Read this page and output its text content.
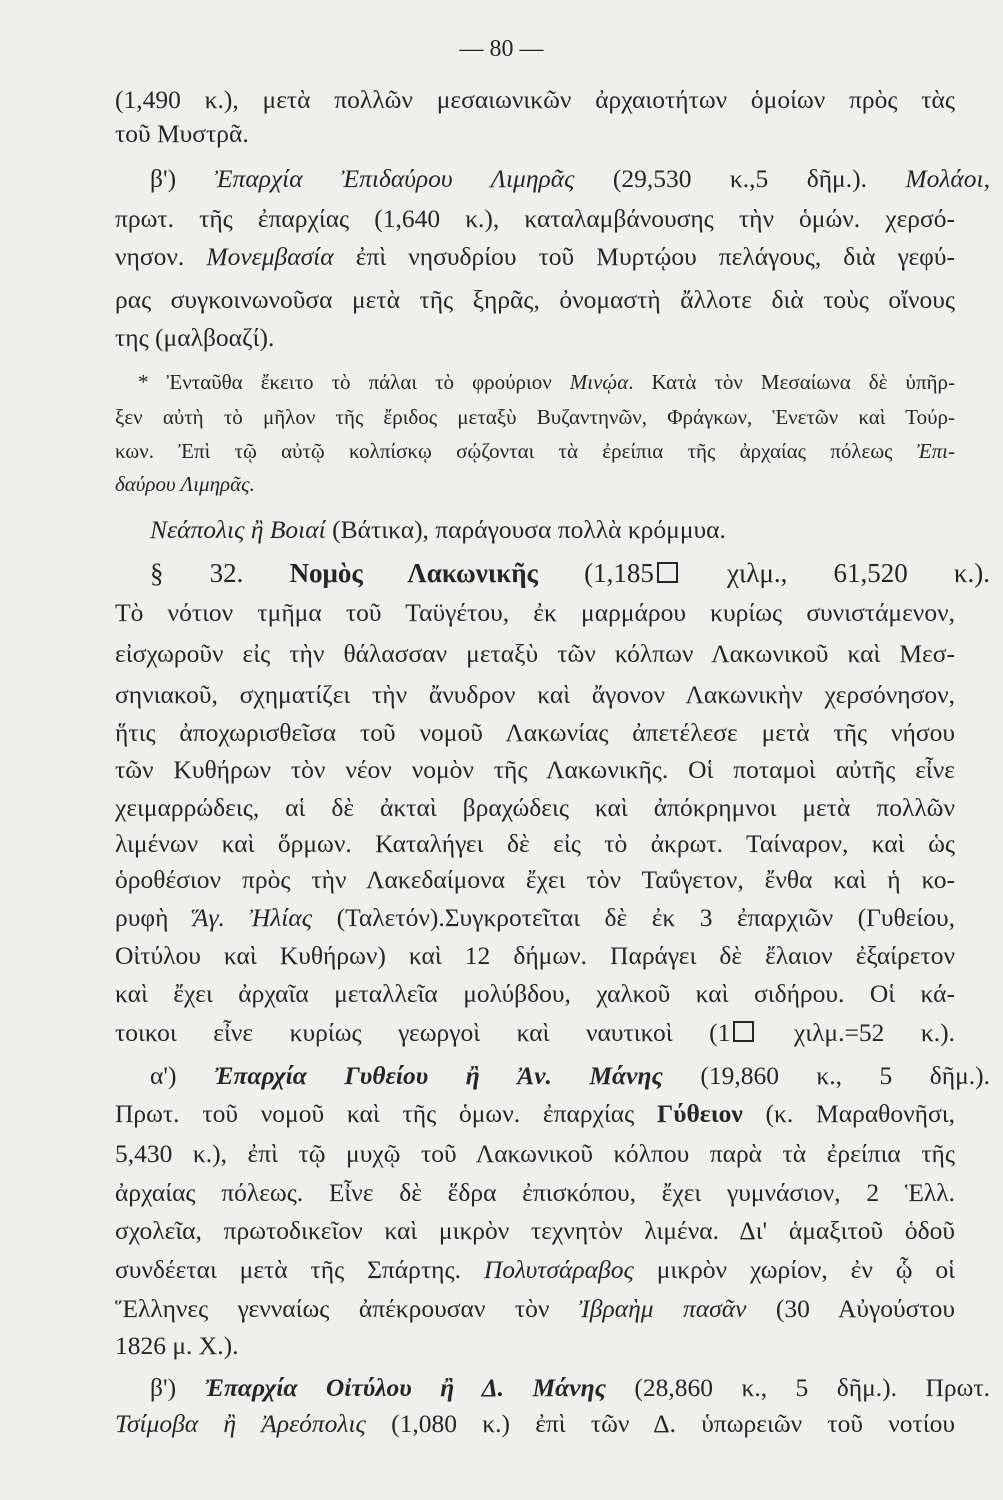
— 80 —
(1,490 κ.), μετὰ πολλῶν μεσαιωνικῶν ἀρχαιοτήτων ὁμοίων πρὸς τὰς
τοῦ Μυστρᾶ.
β') Ἐπαρχία Ἐπιδαύρου Λιμηρᾶς (29,530 κ.,5 δῆμ.). Μολάοι,
πρωτ. τῆς ἐπαρχίας (1,640 κ.), καταλαμβάνουσης τὴν ὁμών. χερσό-
νησον. Μονεμβασία ἐπὶ νησυδρίου τοῦ Μυρτῴου πελάγους, διὰ γεφύ-
ρας συγκοινωνοῦσα μετὰ τῆς ξηρᾶς, ὀνομαστὴ ἄλλοτε διὰ τοὺς οἴνους
της (μαλβοαζί).
* Ἐνταῦθα ἔκειτο τὸ πάλαι τὸ φρούριον Μινῴα. Κατὰ τὸν Μεσαίωνα δὲ ὑπῆρ-
ξεν αὐτὴ τὸ μῆλον τῆς ἔριδος μεταξὺ Βυζαντηνῶν, Φράγκων, Ἑνετῶν καὶ Τούρ-
κων. Ἐπὶ τῷ αὐτῷ κολπίσκῳ σῴζονται τὰ ἐρείπια τῆς ἀρχαίας πόλεως Ἐπι-
δαύρου Λιμηρᾶς.
Νεάπολις ἢ Βοιαί (Βάτικα), παράγουσα πολλὰ κρόμμυα.
§ 32. Νομὸς Λακωνικῆς (1,185 χιλμ., 61,520 κ.).
Τὸ νότιον τμῆμα τοῦ Ταϋγέτου, ἐκ μαρμάρου κυρίως συνιστάμενον,
εἰσχωροῦν εἰς τὴν θάλασσαν μεταξὺ τῶν κόλπων Λακωνικοῦ καὶ Μεσ-
σηνιακοῦ, σχηματίζει τὴν ἄνυδρον καὶ ἄγονον Λακωνικὴν χερσόνησον,
ἥτις ἀποχωρισθεῖσα τοῦ νομοῦ Λακωνίας ἀπετέλεσε μετὰ τῆς νήσου
τῶν Κυθήρων τὸν νέον νομὸν τῆς Λακωνικῆς. Οἱ ποταμοὶ αὐτῆς εἶνε
χειμαρρώδεις, αἱ δὲ ἀκταὶ βραχώδεις καὶ ἀπόκρημνοι μετὰ πολλῶν
λιμένων καὶ ὅρμων. Καταλήγει δὲ εἰς τὸ ἀκρωτ. Ταίναρον, καὶ ὡς
ὁροθέσιον πρὸς τὴν Λακεδαίμονα ἔχει τὸν Ταΰγετον, ἔνθα καὶ ἡ κο-
ρυφὴ Ἅγ. Ἠλίας (Ταλετόν).Συγκροτεῖται δὲ ἐκ 3 ἐπαρχιῶν (Γυθείου,
Οἰτύλου καὶ Κυθήρων) καὶ 12 δήμων. Παράγει δὲ ἔλαιον ἐξαίρετον
καὶ ἔχει ἀρχαῖα μεταλλεῖα μολύβδου, χαλκοῦ καὶ σιδήρου. Οἱ κά-
τοικοι εἶνε κυρίως γεωργοὶ καὶ ναυτικοὶ (1 χιλμ.=52 κ.).
α') Ἐπαρχία Γυθείου ἢ Ἀν. Μάνης (19,860 κ., 5 δῆμ.).
Πρωτ. τοῦ νομοῦ καὶ τῆς ὁμων. ἐπαρχίας Γύθειον (κ. Μαραθονῆσι,
5,430 κ.), ἐπὶ τῷ μυχῷ τοῦ Λακωνικοῦ κόλπου παρὰ τὰ ἐρείπια τῆς
ἀρχαίας πόλεως. Εἶνε δὲ ἕδρα ἐπισκόπου, ἔχει γυμνάσιον, 2 Ἑλλ.
σχολεῖα, πρωτοδικεῖον καὶ μικρὸν τεχνητὸν λιμένα. Δι' ἁμαξιτοῦ ὁδοῦ
συνδέεται μετὰ τῆς Σπάρτης. Πολυτσάραβος μικρὸν χωρίον, ἐν ᾧ οἱ
Ἕλληνες γενναίως ἀπέκρουσαν τὸν Ἰβραὴμ πασᾶν (30 Αὐγούστου
1826 μ. Χ.).
β') Ἐπαρχία Οἰτύλου ἢ Δ. Μάνης (28,860 κ., 5 δῆμ.). Πρωτ.
Τσίμοβα ἢ Ἀρεόπολις (1,080 κ.) ἐπὶ τῶν Δ. ὑπωρειῶν τοῦ νοτίου
